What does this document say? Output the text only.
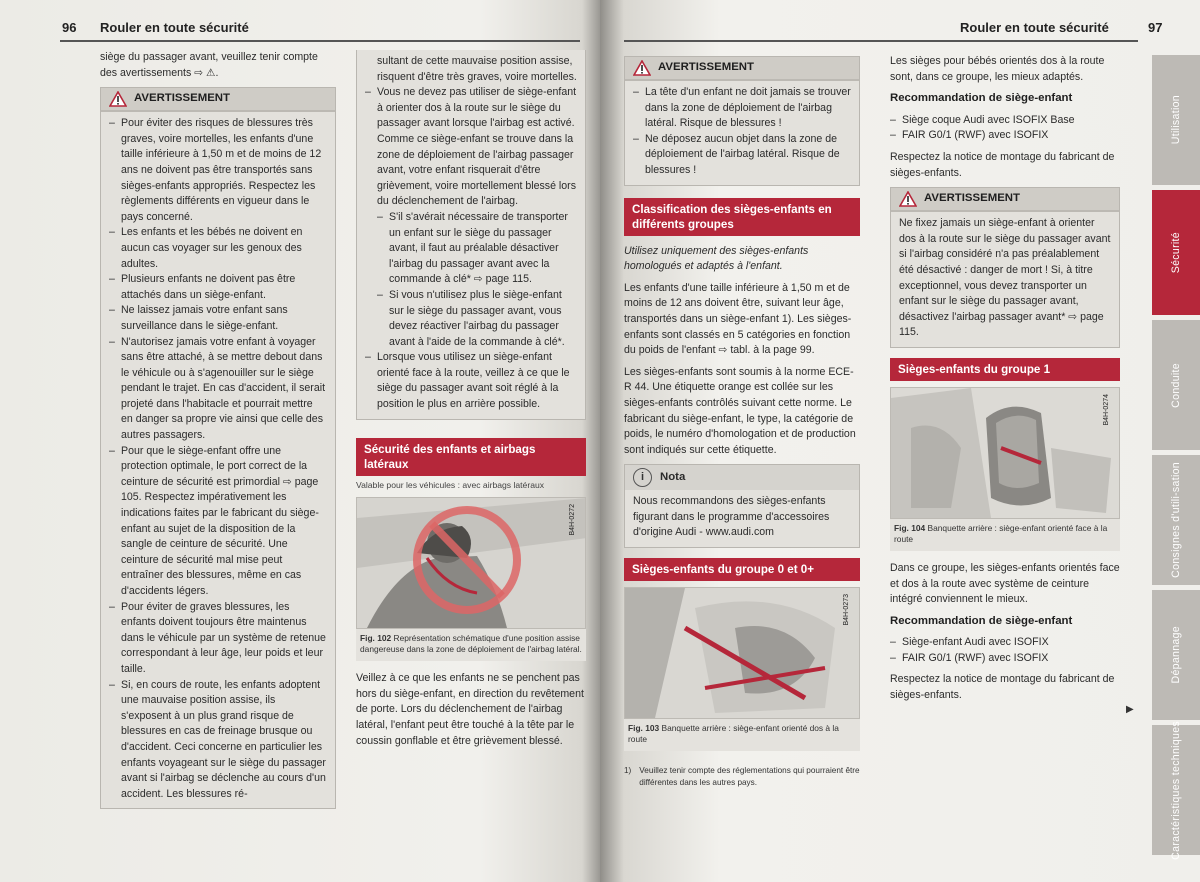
96 Rouler en toute sécurité

siège du passager avant, veuillez tenir compte des avertissements ⇨ ⚠.

AVERTISSEMENT
– Pour éviter des risques de blessures très graves, voire mortelles, les enfants d'une taille inférieure à 1,50 m et de moins de 12 ans ne doivent pas être transportés sans sièges-enfants appropriés. Respectez les règlements différents en vigueur dans le pays concerné.
– Les enfants et les bébés ne doivent en aucun cas voyager sur les genoux des adultes.
– Plusieurs enfants ne doivent pas être attachés dans un siège-enfant.
– Ne laissez jamais votre enfant sans surveillance dans le siège-enfant.
– N'autorisez jamais votre enfant à voyager sans être attaché, à se mettre debout dans le véhicule ou à s'agenouiller sur le siège pendant le trajet. En cas d'accident, il serait projeté dans l'habitacle et pourrait mettre en danger sa propre vie ainsi que celle des autres passagers.
– Pour que le siège-enfant offre une protection optimale, le port correct de la ceinture de sécurité est primordial ⇨ page 105. Respectez impérativement les indications faites par le fabricant du siège-enfant au sujet de la disposition de la sangle de ceinture de sécurité. Une ceinture de sécurité mal mise peut entraîner des blessures, même en cas d'accidents légers.
– Pour éviter de graves blessures, les enfants doivent toujours être maintenus dans le véhicule par un système de retenue correspondant à leur âge, leur poids et leur taille.
– Si, en cours de route, les enfants adoptent une mauvaise position assise, ils s'exposent à un plus grand risque de blessures en cas de freinage brusque ou d'accident. Ceci concerne en particulier les enfants voyageant sur le siège du passager avant si l'airbag se déclenche au cours d'un accident. Les blessures ré-
sultant de cette mauvaise position assise, risquent d'être très graves, voire mortelles.
– Vous ne devez pas utiliser de siège-enfant à orienter dos à la route sur le siège du passager avant lorsque l'airbag est activé. Comme ce siège-enfant se trouve dans la zone de déploiement de l'airbag passager avant, votre enfant risquerait d'être grièvement, voire mortellement blessé lors du déclenchement de l'airbag.
– S'il s'avérait nécessaire de transporter un enfant sur le siège du passager avant, il faut au préalable désactiver l'airbag du passager avant avec la commande à clé* ⇨ page 115.
– Si vous n'utilisez plus le siège-enfant sur le siège du passager avant, vous devez réactiver l'airbag du passager avant à l'aide de la commande à clé*.
– Lorsque vous utilisez un siège-enfant orienté face à la route, veillez à ce que le siège du passager avant soit réglé à la position le plus en arrière possible.
Sécurité des enfants et airbags latéraux
Valable pour les véhicules : avec airbags latéraux
B4H-0272
Fig. 102 Représentation schématique d'une position assise dangereuse dans la zone de déploiement de l'airbag latéral.

Veillez à ce que les enfants ne se penchent pas hors du siège-enfant, en direction du revêtement de porte. Lors du déclenchement de l'airbag latéral, l'enfant peut être touché à la tête par le coussin gonflable et être grièvement blessé.

Rouler en toute sécurité	97
AVERTISSEMENT
– La tête d'un enfant ne doit jamais se trouver dans la zone de déploiement de l'airbag latéral. Risque de blessures !
– Ne déposez aucun objet dans la zone de déploiement de l'airbag latéral. Risque de blessures !
Classification des sièges-enfants en différents groupes

Utilisez uniquement des sièges-enfants homologués et adaptés à l'enfant.

Les enfants d'une taille inférieure à 1,50 m et de moins de 12 ans doivent être, suivant leur âge, transportés dans un siège-enfant 1). Les sièges-enfants sont classés en 5 catégories en fonction du poids de l'enfant ⇨ tabl. à la page 99.

Les sièges-enfants sont soumis à la norme ECE-R 44. Une étiquette orange est collée sur les sièges-enfants contrôlés suivant cette norme. Le fabricant du siège-enfant, le type, la catégorie de poids, le numéro d'homologation et de production sont indiqués sur cette étiquette.

i	Nota
Nous recommandons des sièges-enfants figurant dans le programme d'accessoires d'origine Audi - www.audi.com
Sièges-enfants du groupe 0 et 0+
B4H-0273
Fig. 103 Banquette arrière : siège-enfant orienté dos à la route
1) Veuillez tenir compte des réglementations qui pourraient être différentes dans les autres pays.

Les sièges pour bébés orientés dos à la route sont, dans ce groupe, les mieux adaptés.

Recommandation de siège-enfant
– Siège coque Audi avec ISOFIX Base
– FAIR G0/1 (RWF) avec ISOFIX

Respectez la notice de montage du fabricant de sièges-enfants.

AVERTISSEMENT
Ne fixez jamais un siège-enfant à orienter dos à la route sur le siège du passager avant si l'airbag considéré n'a pas préalablement été désactivé : danger de mort ! Si, à titre exceptionnel, vous devez transporter un enfant sur le siège du passager avant, désactivez l'airbag passager avant* ⇨ page 115.
Sièges-enfants du groupe 1
B4H-0274
Fig. 104 Banquette arrière : siège-enfant orienté face à la route

Dans ce groupe, les sièges-enfants orientés face et dos à la route avec système de ceinture intégré conviennent le mieux.

Recommandation de siège-enfant
– Siège-enfant Audi avec ISOFIX
– FAIR G0/1 (RWF) avec ISOFIX

Respectez la notice de montage du fabricant de sièges-enfants.

▶
Utilisation
Sécurité
Conduite
Consignes d'utili-sation
Dépannage
Caractéristiques techniques
